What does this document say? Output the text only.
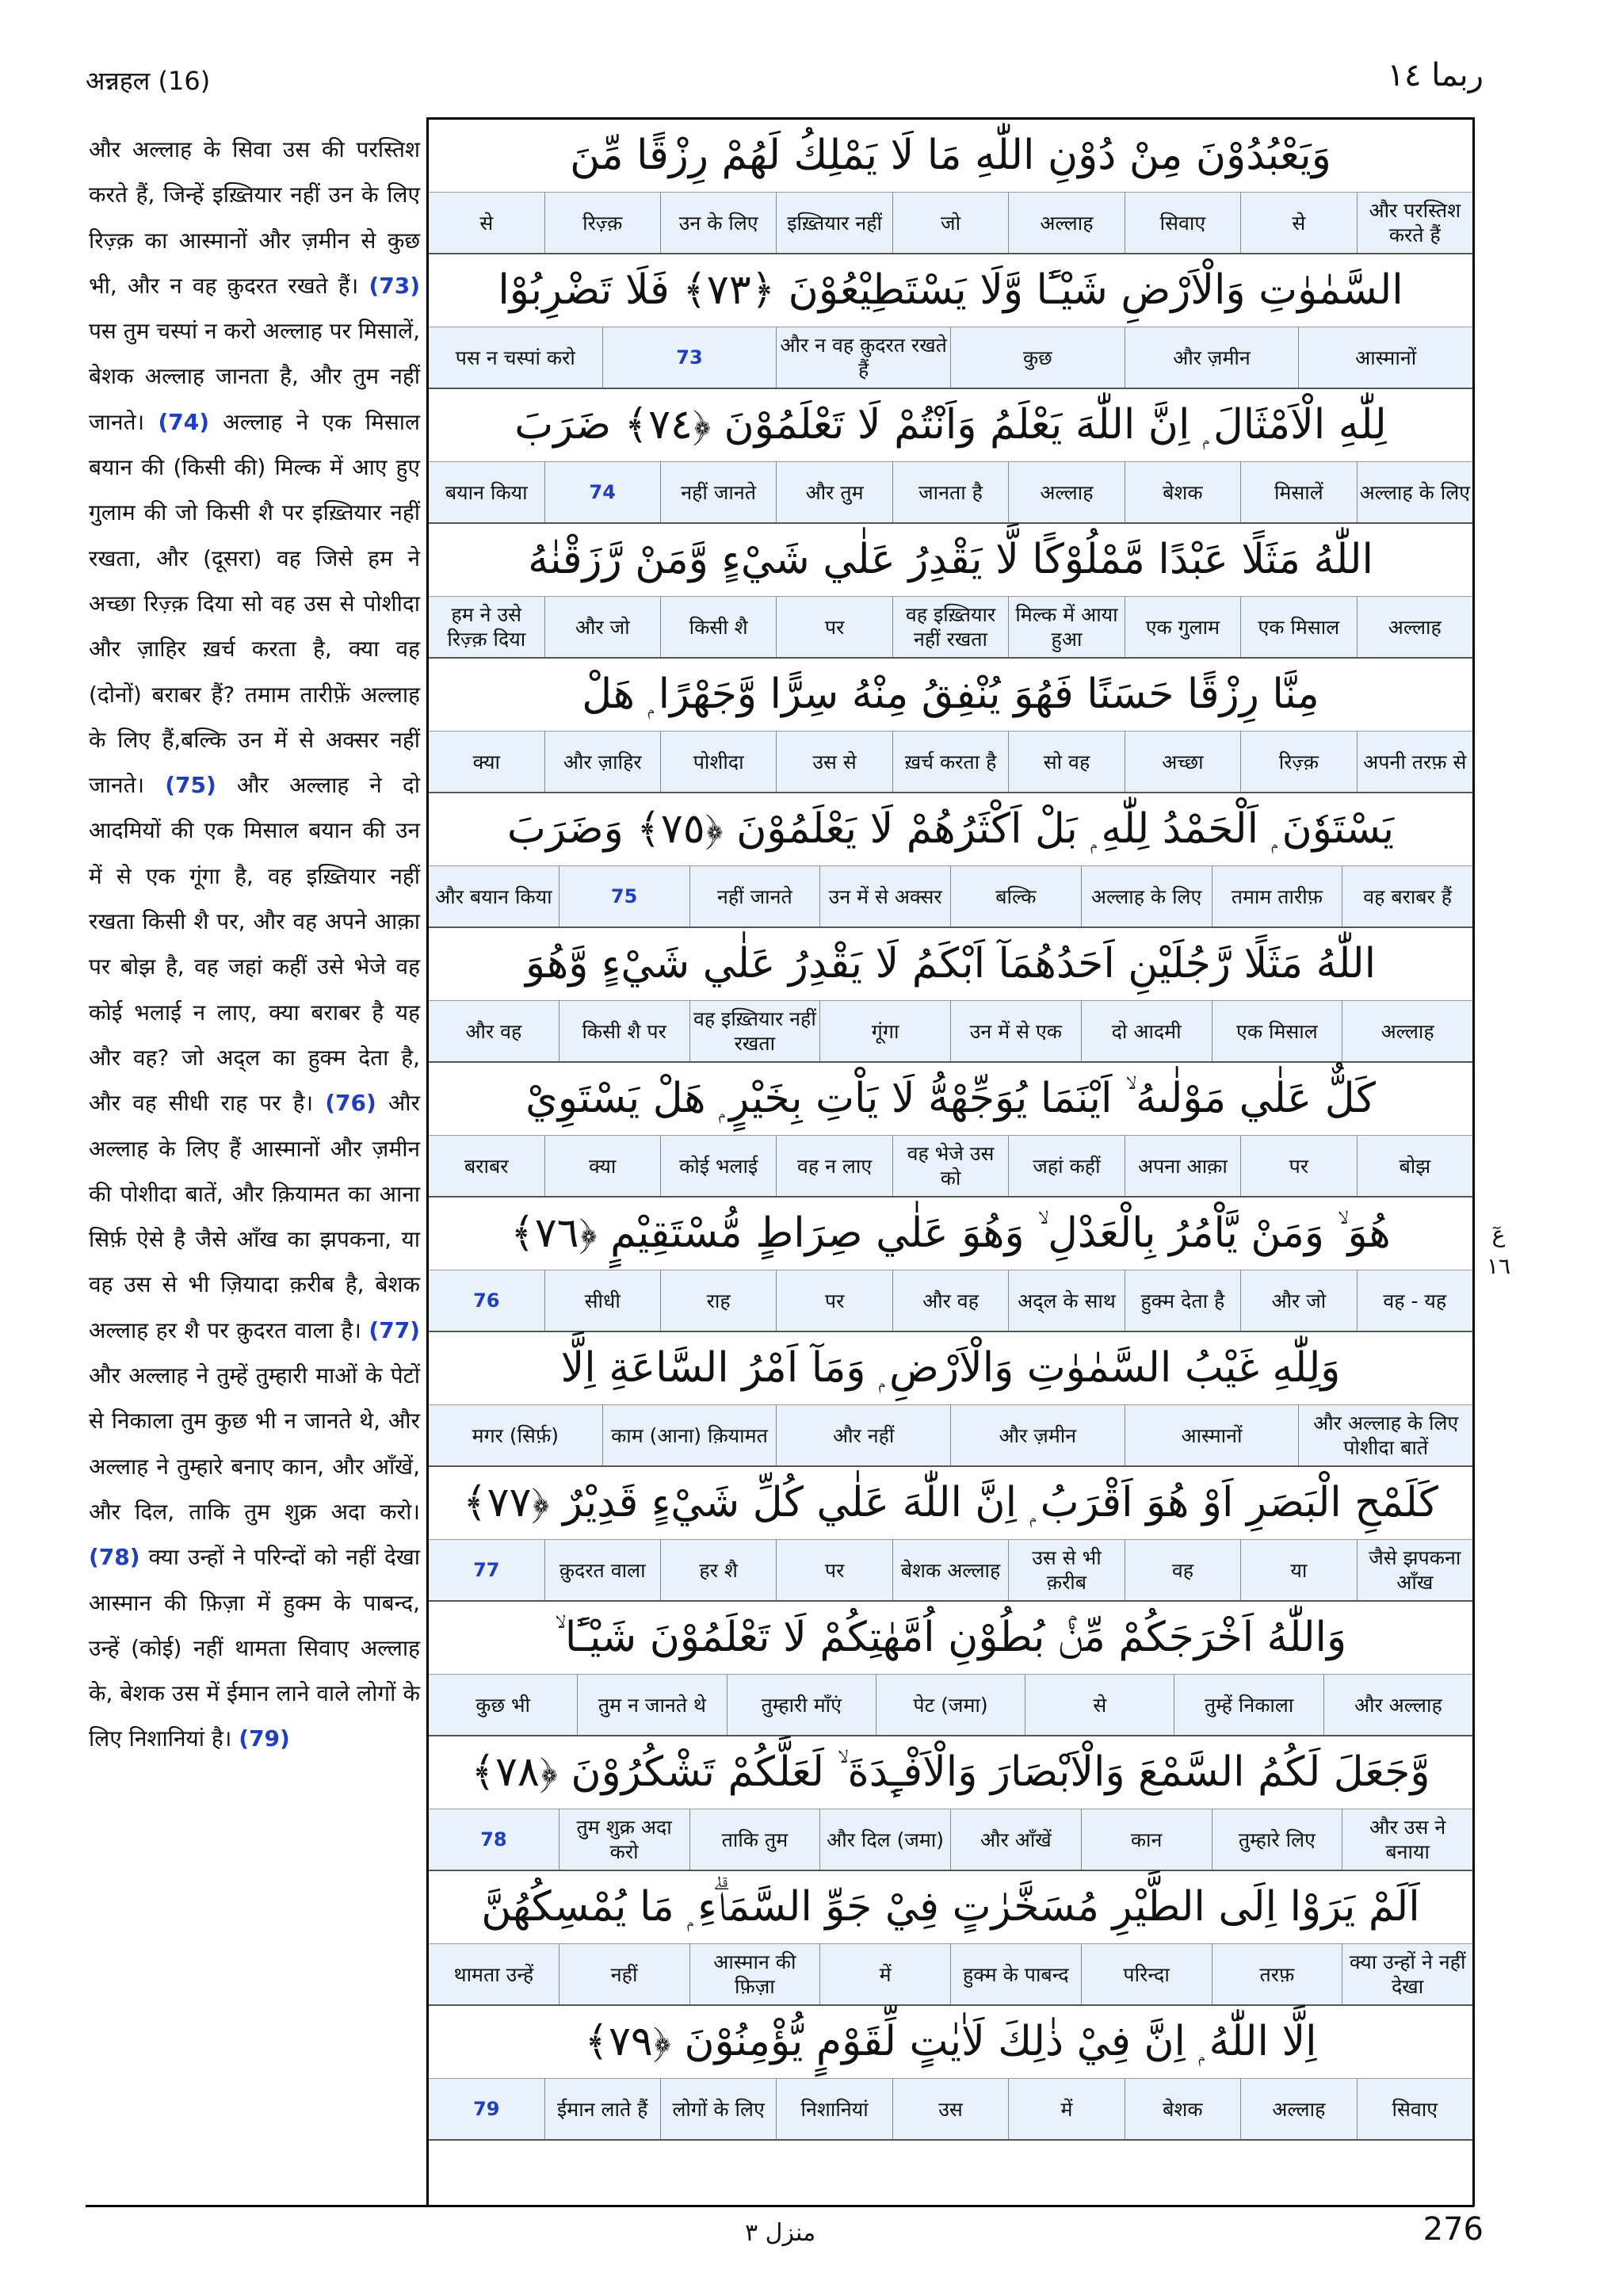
अन्नहल (16)	ربما ١٤

और अल्लाह के सिवा उस की परस्तिश करते हैं, जिन्हें इख़्तियार नहीं उन के लिए रिज़्क़ का आस्मानों और ज़मीन से कुछ भी, और न वह क़ुदरत रखते हैं। (73) पस तुम चस्पां न करो अल्लाह पर मिसालें, बेशक अल्लाह जानता है, और तुम नहीं जानते। (74) अल्लाह ने एक मिसाल बयान की (किसी की) मिल्क में आए हुए गुलाम की जो किसी शै पर इख़्तियार नहीं रखता, और (दूसरा) वह जिसे हम ने अच्छा रिज़्क़ दिया सो वह उस से पोशीदा और ज़ाहिर ख़र्च करता है, क्या वह (दोनों) बराबर हैं? तमाम तारीफ़ें अल्लाह के लिए हैं,बल्कि उन में से अक्सर नहीं जानते। (75) और अल्लाह ने दो आदमियों की एक मिसाल बयान की उन में से एक गूंगा है, वह इख़्तियार नहीं रखता किसी शै पर, और वह अपने आक़ा पर बोझ है, वह जहां कहीं उसे भेजे वह कोई भलाई न लाए, क्या बराबर है यह और वह? जो अद्ल का हुक्म देता है, और वह सीधी राह पर है। (76) और अल्लाह के लिए हैं आस्मानों और ज़मीन की पोशीदा बातें, और क़ियामत का आना सिर्फ़ ऐसे है जैसे आँख का झपकना, या वह उस से भी ज़ियादा क़रीब है, बेशक अल्लाह हर शै पर क़ुदरत वाला है। (77) और अल्लाह ने तुम्हें तुम्हारी माओं के पेटों से निकाला तुम कुछ भी न जानते थे, और अल्लाह ने तुम्हारे बनाए कान, और आँखें, और दिल, ताकि तुम शुक्र अदा करो। (78) क्या उन्हों ने परिन्दों को नहीं देखा आस्मान की फ़िज़ा में हुक्म के पाबन्द, उन्हें (कोई) नहीं थामता सिवाए अल्लाह के, बेशक उस में ईमान लाने वाले लोगों के लिए निशानियां है। (79)

وَيَعْبُدُوْنَ مِنْ دُوْنِ اللّٰهِ مَا لَا يَمْلِكُ لَهُمْ رِزْقًا مِّنَ
और परस्तिश करते हैं
से
सिवाए
अल्लाह
जो
इख़्तियार नहीं
उन के लिए
रिज़्क़
से
السَّمٰوٰتِ وَالْاَرْضِ شَيْـًٔا وَّلَا يَسْتَطِيْعُوْنَ ﴿٧٣﴾ فَلَا تَضْرِبُوْا
आस्मानों
और ज़मीन
कुछ
और न वह क़ुदरत रखते हैं
73
पस न चस्पां करो
لِلّٰهِ الْاَمْثَالَ ۭ اِنَّ اللّٰهَ يَعْلَمُ وَاَنْتُمْ لَا تَعْلَمُوْنَ ﴿٧٤﴾ ضَرَبَ
अल्लाह के लिए
मिसालें
बेशक
अल्लाह
जानता है
और तुम
नहीं जानते
74
बयान किया
اللّٰهُ مَثَلًا عَبْدًا مَّمْلُوْكًا لَّا يَقْدِرُ عَلٰي شَيْءٍ وَّمَنْ رَّزَقْنٰهُ
अल्लाह
एक मिसाल
एक गुलाम
मिल्क में आया हुआ
वह इख़्तियार नहीं रखता
पर
किसी शै
और जो
हम ने उसे रिज़्क़ दिया
مِنَّا رِزْقًا حَسَنًا فَهُوَ يُنْفِقُ مِنْهُ سِرًّا وَّجَهْرًا ۭ هَلْ
अपनी तरफ़ से
रिज़्क़
अच्छा
सो वह
ख़र्च करता है
उस से
पोशीदा
और ज़ाहिर
क्या
يَسْتَوٗنَ ۭ اَلْحَمْدُ لِلّٰهِ ۭ بَلْ اَكْثَرُهُمْ لَا يَعْلَمُوْنَ ﴿٧٥﴾ وَضَرَبَ
वह बराबर हैं
तमाम तारीफ़
अल्लाह के लिए
बल्कि
उन में से अक्सर
नहीं जानते
75
और बयान किया
اللّٰهُ مَثَلًا رَّجُلَيْنِ اَحَدُهُمَآ اَبْكَمُ لَا يَقْدِرُ عَلٰي شَيْءٍ وَّهُوَ
अल्लाह
एक मिसाल
दो आदमी
उन में से एक
गूंगा
वह इख़्तियार नहीं रखता
किसी शै पर
और वह
كَلٌّ عَلٰي مَوْلٰىهُ ۙ اَيْنَمَا يُوَجِّهْهُّ لَا يَاْتِ بِخَيْرٍ ۭ هَلْ يَسْتَوِيْ
बोझ
पर
अपना आक़ा
जहां कहीं
वह भेजे उस को
वह न लाए
कोई भलाई
क्या
बराबर
هُوَ ۙ وَمَنْ يَّاْمُرُ بِالْعَدْلِ ۙ وَهُوَ عَلٰي صِرَاطٍ مُّسْتَقِيْمٍ ﴿٧٦﴾
वह - यह
और जो
हुक्म देता है
अद्ल के साथ
और वह
पर
राह
सीधी
76
وَلِلّٰهِ غَيْبُ السَّمٰوٰتِ وَالْاَرْضِ ۭ وَمَآ اَمْرُ السَّاعَةِ اِلَّا
और अल्लाह के लिए पोशीदा बातें
आस्मानों
और ज़मीन
और नहीं
काम (आना) क़ियामत
मगर (सिर्फ़)
كَلَمْحِ الْبَصَرِ اَوْ هُوَ اَقْرَبُ ۭ اِنَّ اللّٰهَ عَلٰي كُلِّ شَيْءٍ قَدِيْرٌ ﴿٧٧﴾
जैसे झपकना आँख
या
वह
उस से भी क़रीब
बेशक अल्लाह
पर
हर शै
क़ुदरत वाला
77
وَاللّٰهُ اَخْرَجَكُمْ مِّنْۢ بُطُوْنِ اُمَّهٰتِكُمْ لَا تَعْلَمُوْنَ شَيْـًٔا ۙ
और अल्लाह
तुम्हें निकाला
से
पेट (जमा)
तुम्हारी माँएं
तुम न जानते थे
कुछ भी
وَّجَعَلَ لَكُمُ السَّمْعَ وَالْاَبْصَارَ وَالْاَفْـِٕدَةَ ۙ لَعَلَّكُمْ تَشْكُرُوْنَ ﴿٧٨﴾
और उस ने बनाया
तुम्हारे लिए
कान
और आँखें
और दिल (जमा)
ताकि तुम
तुम शुक्र अदा करो
78
اَلَمْ يَرَوْا اِلَى الطَّيْرِ مُسَخَّرٰتٍ فِيْ جَوِّ السَّمَاۗءِ ۭ مَا يُمْسِكُهُنَّ
क्या उन्हों ने नहीं देखा
तरफ़
परिन्दा
हुक्म के पाबन्द
में
आस्मान की फ़िज़ा
नहीं
थामता उन्हें
اِلَّا اللّٰهُ ۭ اِنَّ فِيْ ذٰلِكَ لَاٰيٰتٍ لِّقَوْمٍ يُّؤْمِنُوْنَ ﴿٧٩﴾
सिवाए
अल्लाह
बेशक
में
उस
निशानियां
लोगों के लिए
ईमान लाते हैं
79
عٓ
١٦
منزل ٣	276
